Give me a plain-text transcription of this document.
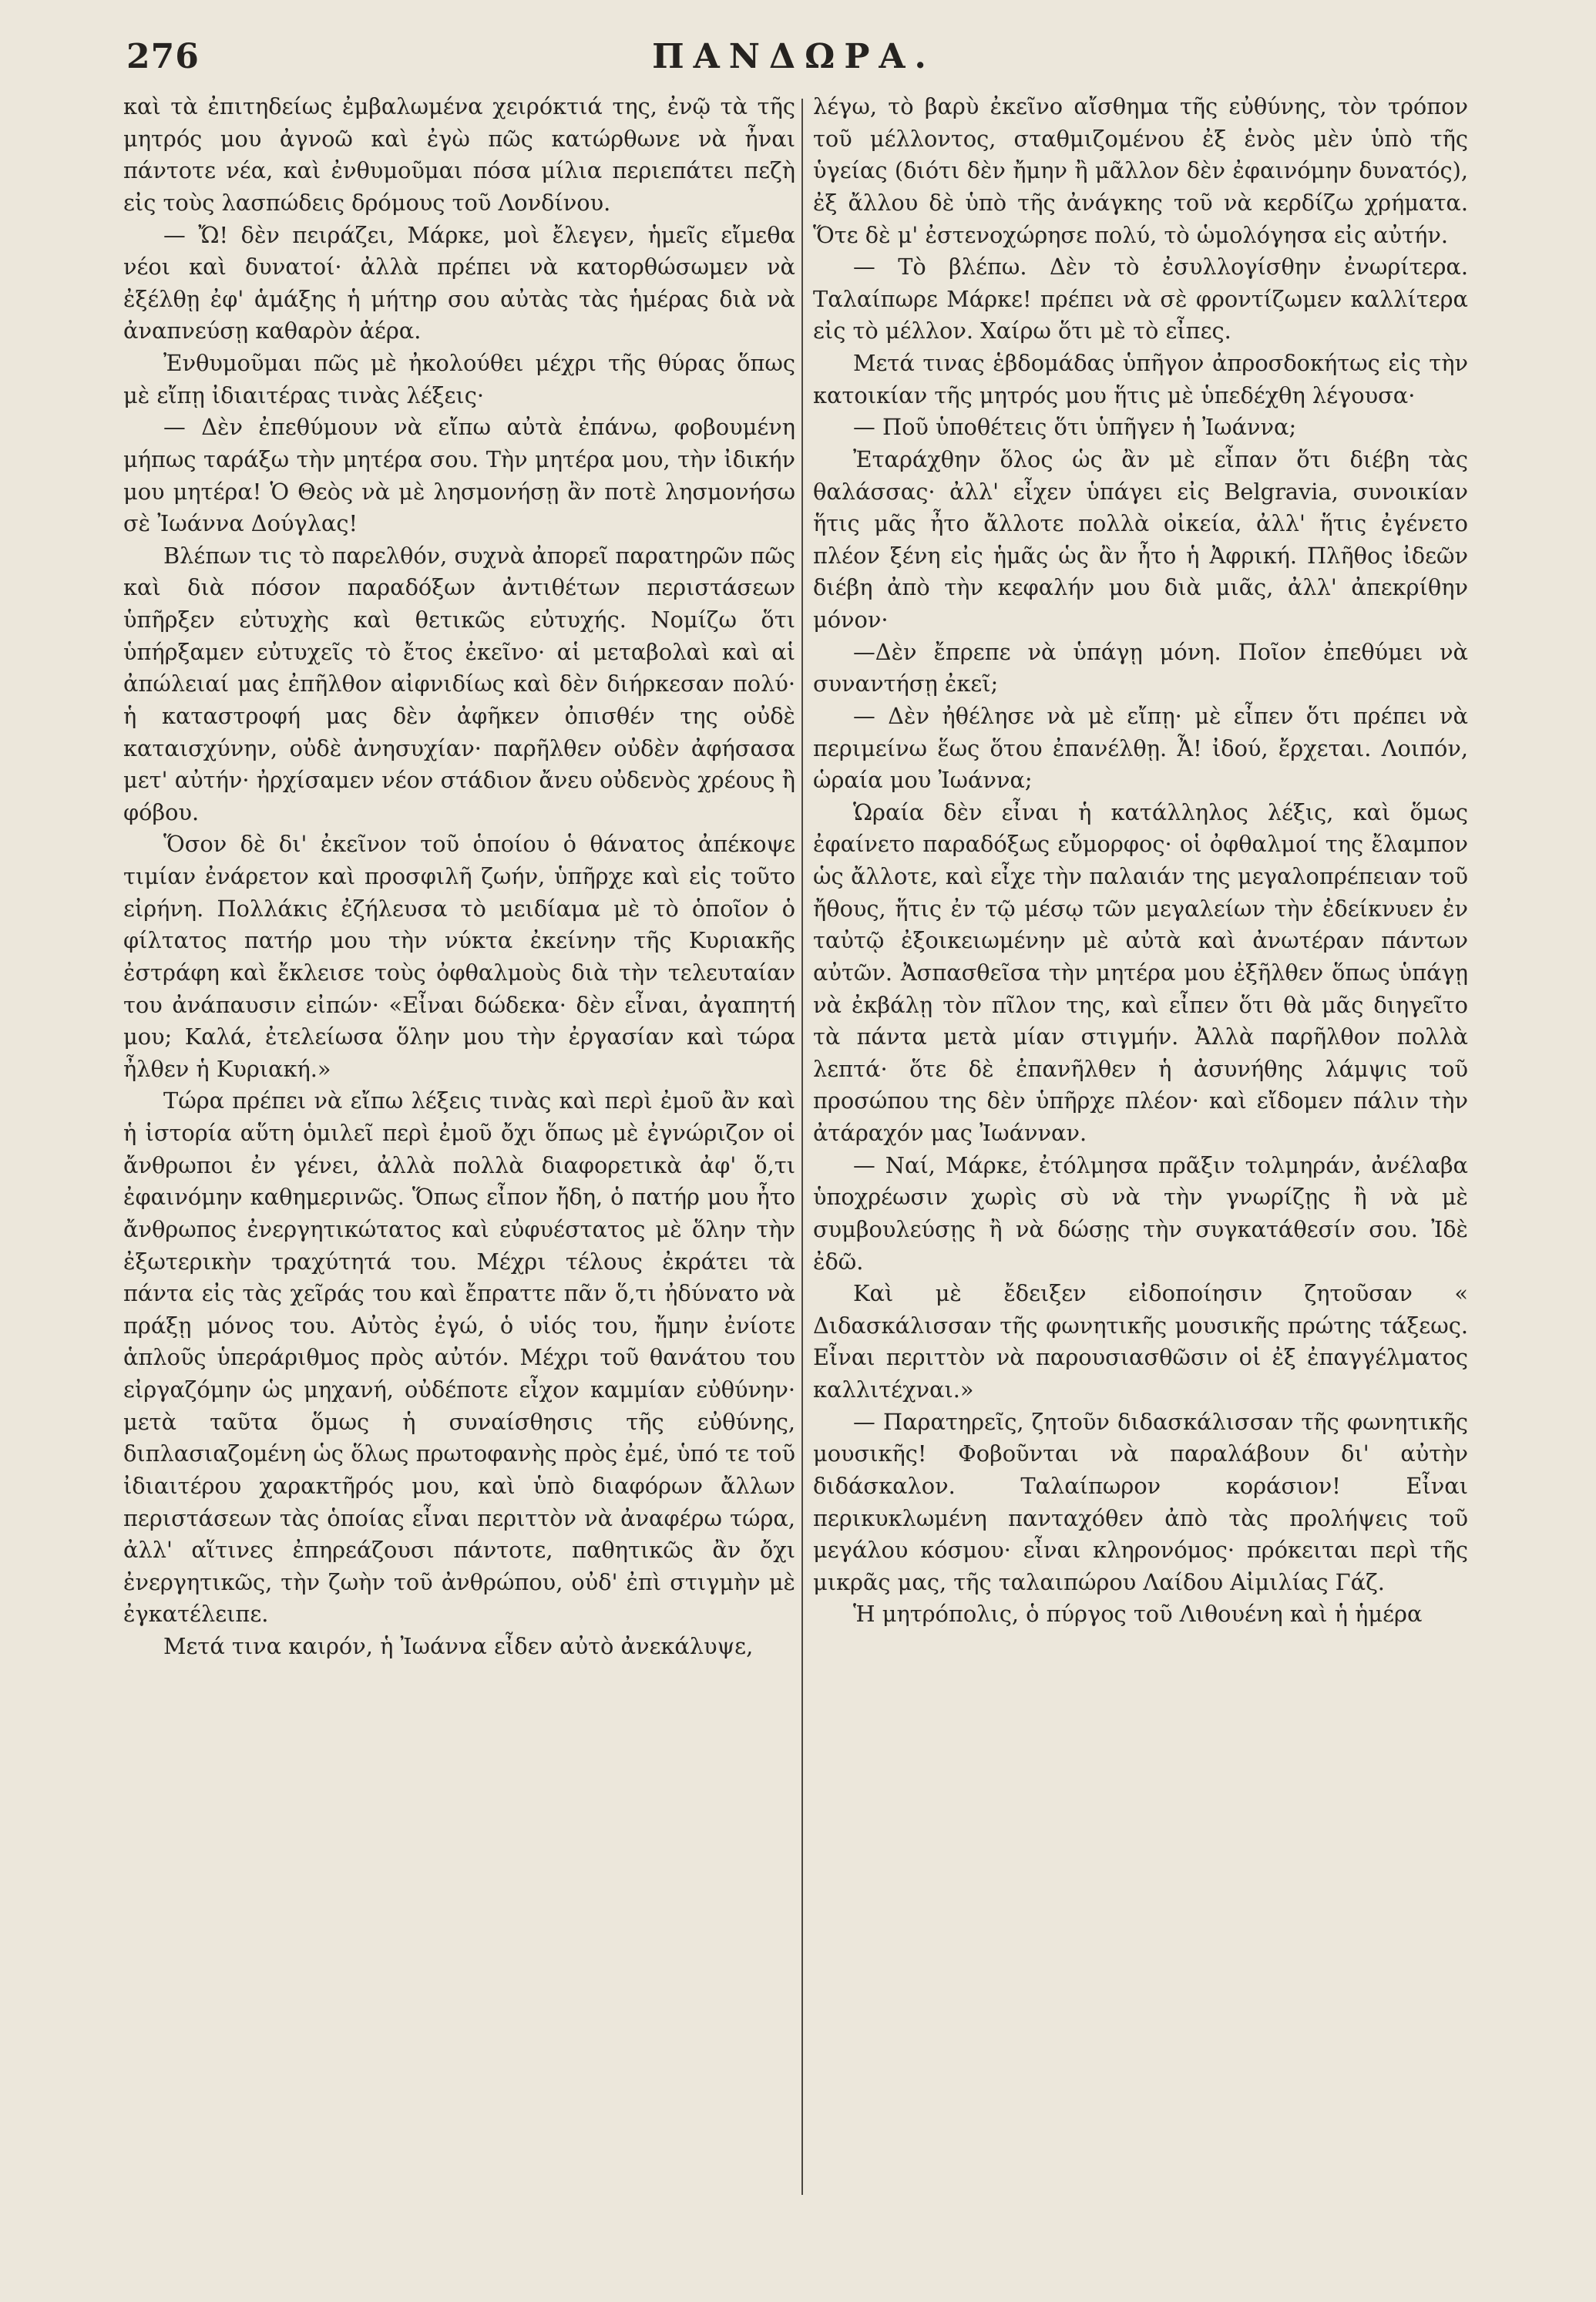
276	ΠΑΝΔΩΡΑ.

καὶ τὰ ἐπιτηδείως ἐμβαλωμένα χειρόκτιά της, ἐνῷ τὰ τῆς μητρός μου ἀγνοῶ καὶ ἐγὼ πῶς κατώρθωνε νὰ ἦναι πάντοτε νέα, καὶ ἐνθυμοῦμαι πόσα μίλια περιεπάτει πεζὴ εἰς τοὺς λασπώδεις δρόμους τοῦ Λονδίνου.

— Ὤ! δὲν πειράζει, Μάρκε, μοὶ ἔλεγεν, ἡμεῖς εἴμεθα νέοι καὶ δυνατοί· ἀλλὰ πρέπει νὰ κατορθώσωμεν νὰ ἐξέλθῃ ἐφ' ἁμάξης ἡ μήτηρ σου αὐτὰς τὰς ἡμέρας διὰ νὰ ἀναπνεύσῃ καθαρὸν ἀέρα.

Ἐνθυμοῦμαι πῶς μὲ ἠκολούθει μέχρι τῆς θύρας ὅπως μὲ εἴπῃ ἰδιαιτέρας τινὰς λέξεις·

— Δὲν ἐπεθύμουν νὰ εἴπω αὐτὰ ἐπάνω, φοβουμένη μήπως ταράξω τὴν μητέρα σου. Τὴν μητέρα μου, τὴν ἰδικήν μου μητέρα! Ὁ Θεὸς νὰ μὲ λησμονήσῃ ἂν ποτὲ λησμονήσω σὲ Ἰωάννα Δούγλας!

Βλέπων τις τὸ παρελθόν, συχνὰ ἀπορεῖ παρατηρῶν πῶς καὶ διὰ πόσον παραδόξων ἀντιθέτων περιστάσεων ὑπῆρξεν εὐτυχὴς καὶ θετικῶς εὐτυχής. Νομίζω ὅτι ὑπήρξαμεν εὐτυχεῖς τὸ ἔτος ἐκεῖνο· αἱ μεταβολαὶ καὶ αἱ ἀπώλειαί μας ἐπῆλθον αἰφνιδίως καὶ δὲν διήρκεσαν πολύ· ἡ καταστροφή μας δὲν ἀφῆκεν ὀπισθέν της οὐδὲ καταισχύνην, οὐδὲ ἀνησυχίαν· παρῆλθεν οὐδὲν ἀφήσασα μετ' αὐτήν· ἠρχίσαμεν νέον στάδιον ἄνευ οὐδενὸς χρέους ἢ φόβου.

Ὅσον δὲ δι' ἐκεῖνον τοῦ ὁποίου ὁ θάνατος ἀπέκοψε τιμίαν ἐνάρετον καὶ προσφιλῆ ζωήν, ὑπῆρχε καὶ εἰς τοῦτο εἰρήνη. Πολλάκις ἐζήλευσα τὸ μειδίαμα μὲ τὸ ὁποῖον ὁ φίλτατος πατήρ μου τὴν νύκτα ἐκείνην τῆς Κυριακῆς ἐστράφη καὶ ἔκλεισε τοὺς ὀφθαλμοὺς διὰ τὴν τελευταίαν του ἀνάπαυσιν εἰπών· «Εἶναι δώδεκα· δὲν εἶναι, ἀγαπητή μου; Καλά, ἐτελείωσα ὅλην μου τὴν ἐργασίαν καὶ τώρα ἦλθεν ἡ Κυριακή.»

Τώρα πρέπει νὰ εἴπω λέξεις τινὰς καὶ περὶ ἐμοῦ ἂν καὶ ἡ ἱστορία αὕτη ὁμιλεῖ περὶ ἐμοῦ ὄχι ὅπως μὲ ἐγνώριζον οἱ ἄνθρωποι ἐν γένει, ἀλλὰ πολλὰ διαφορετικὰ ἀφ' ὅ,τι ἐφαινόμην καθημερινῶς. Ὅπως εἶπον ἤδη, ὁ πατήρ μου ἦτο ἄνθρωπος ἐνεργητικώτατος καὶ εὐφυέστατος μὲ ὅλην τὴν ἐξωτερικὴν τραχύτητά του. Μέχρι τέλους ἐκράτει τὰ πάντα εἰς τὰς χεῖράς του καὶ ἔπραττε πᾶν ὅ,τι ἠδύνατο νὰ πράξῃ μόνος του. Αὐτὸς ἐγώ, ὁ υἱός του, ἤμην ἐνίοτε ἁπλοῦς ὑπεράριθμος πρὸς αὐτόν. Μέχρι τοῦ θανάτου του εἰργαζόμην ὡς μηχανή, οὐδέποτε εἶχον καμμίαν εὐθύνην· μετὰ ταῦτα ὅμως ἡ συναίσθησις τῆς εὐθύνης, διπλασιαζομένη ὡς ὅλως πρωτοφανὴς πρὸς ἐμέ, ὑπό τε τοῦ ἰδιαιτέρου χαρακτῆρός μου, καὶ ὑπὸ διαφόρων ἄλλων περιστάσεων τὰς ὁποίας εἶναι περιττὸν νὰ ἀναφέρω τώρα, ἀλλ' αἵτινες ἐπηρεάζουσι πάντοτε, παθητικῶς ἂν ὄχι ἐνεργητικῶς, τὴν ζωὴν τοῦ ἀνθρώπου, οὐδ' ἐπὶ στιγμὴν μὲ ἐγκατέλειπε.

Μετά τινα καιρόν, ἡ Ἰωάννα εἶδεν αὐτὸ ἀνεκάλυψε,

λέγω, τὸ βαρὺ ἐκεῖνο αἴσθημα τῆς εὐθύνης, τὸν τρόπον τοῦ μέλλοντος, σταθμιζομένου ἐξ ἑνὸς μὲν ὑπὸ τῆς ὑγείας (διότι δὲν ἤμην ἢ μᾶλλον δὲν ἐφαινόμην δυνατός), ἐξ ἄλλου δὲ ὑπὸ τῆς ἀνάγκης τοῦ νὰ κερδίζω χρήματα. Ὅτε δὲ μ' ἐστενοχώρησε πολύ, τὸ ὡμολόγησα εἰς αὐτήν.

— Τὸ βλέπω. Δὲν τὸ ἐσυλλογίσθην ἐνωρίτερα. Ταλαίπωρε Μάρκε! πρέπει νὰ σὲ φροντίζωμεν καλλίτερα εἰς τὸ μέλλον. Χαίρω ὅτι μὲ τὸ εἶπες.

Μετά τινας ἑβδομάδας ὑπῆγον ἀπροσδοκήτως εἰς τὴν κατοικίαν τῆς μητρός μου ἥτις μὲ ὑπεδέχθη λέγουσα·

— Ποῦ ὑποθέτεις ὅτι ὑπῆγεν ἡ Ἰωάννα;

Ἐταράχθην ὅλος ὡς ἂν μὲ εἶπαν ὅτι διέβη τὰς θαλάσσας· ἀλλ' εἶχεν ὑπάγει εἰς Belgravia, συνοικίαν ἥτις μᾶς ἦτο ἄλλοτε πολλὰ οἰκεία, ἀλλ' ἥτις ἐγένετο πλέον ξένη εἰς ἡμᾶς ὡς ἂν ἦτο ἡ Ἀφρική. Πλῆθος ἰδεῶν διέβη ἀπὸ τὴν κεφαλήν μου διὰ μιᾶς, ἀλλ' ἀπεκρίθην μόνον·

—Δὲν ἔπρεπε νὰ ὑπάγῃ μόνη. Ποῖον ἐπεθύμει νὰ συναντήσῃ ἐκεῖ;

— Δὲν ἠθέλησε νὰ μὲ εἴπῃ· μὲ εἶπεν ὅτι πρέπει νὰ περιμείνω ἕως ὅτου ἐπανέλθῃ. Ἆ! ἰδού, ἔρχεται. Λοιπόν, ὡραία μου Ἰωάννα;

Ὡραία δὲν εἶναι ἡ κατάλληλος λέξις, καὶ ὅμως ἐφαίνετο παραδόξως εὔμορφος· οἱ ὀφθαλμοί της ἔλαμπον ὡς ἄλλοτε, καὶ εἶχε τὴν παλαιάν της μεγαλοπρέπειαν τοῦ ἤθους, ἥτις ἐν τῷ μέσῳ τῶν μεγαλείων τὴν ἐδείκνυεν ἐν ταὐτῷ ἐξοικειωμένην μὲ αὐτὰ καὶ ἀνωτέραν πάντων αὐτῶν. Ἀσπασθεῖσα τὴν μητέρα μου ἐξῆλθεν ὅπως ὑπάγῃ νὰ ἐκβάλῃ τὸν πῖλον της, καὶ εἶπεν ὅτι θὰ μᾶς διηγεῖτο τὰ πάντα μετὰ μίαν στιγμήν. Ἀλλὰ παρῆλθον πολλὰ λεπτά· ὅτε δὲ ἐπανῆλθεν ἡ ἀσυνήθης λάμψις τοῦ προσώπου της δὲν ὑπῆρχε πλέον· καὶ εἴδομεν πάλιν τὴν ἀτάραχόν μας Ἰωάνναν.

— Ναί, Μάρκε, ἐτόλμησα πρᾶξιν τολμηράν, ἀνέλαβα ὑποχρέωσιν χωρὶς σὺ νὰ τὴν γνωρίζῃς ἢ νὰ μὲ συμβουλεύσῃς ἢ νὰ δώσῃς τὴν συγκατάθεσίν σου. Ἰδὲ ἐδῶ.

Καὶ μὲ ἔδειξεν εἰδοποίησιν ζητοῦσαν « Διδασκάλισσαν τῆς φωνητικῆς μουσικῆς πρώτης τάξεως. Εἶναι περιττὸν νὰ παρουσιασθῶσιν οἱ ἐξ ἐπαγγέλματος καλλιτέχναι.»

— Παρατηρεῖς, ζητοῦν διδασκάλισσαν τῆς φωνητικῆς μουσικῆς! Φοβοῦνται νὰ παραλάβουν δι' αὐτὴν διδάσκαλον. Ταλαίπωρον κοράσιον! Εἶναι περικυκλωμένη πανταχόθεν ἀπὸ τὰς προλήψεις τοῦ μεγάλου κόσμου· εἶναι κληρονόμος· πρόκειται περὶ τῆς μικρᾶς μας, τῆς ταλαιπώρου Λαίδου Αἰμιλίας Γάζ.

Ἡ μητρόπολις, ὁ πύργος τοῦ Λιθουένη καὶ ἡ ἡμέρα
